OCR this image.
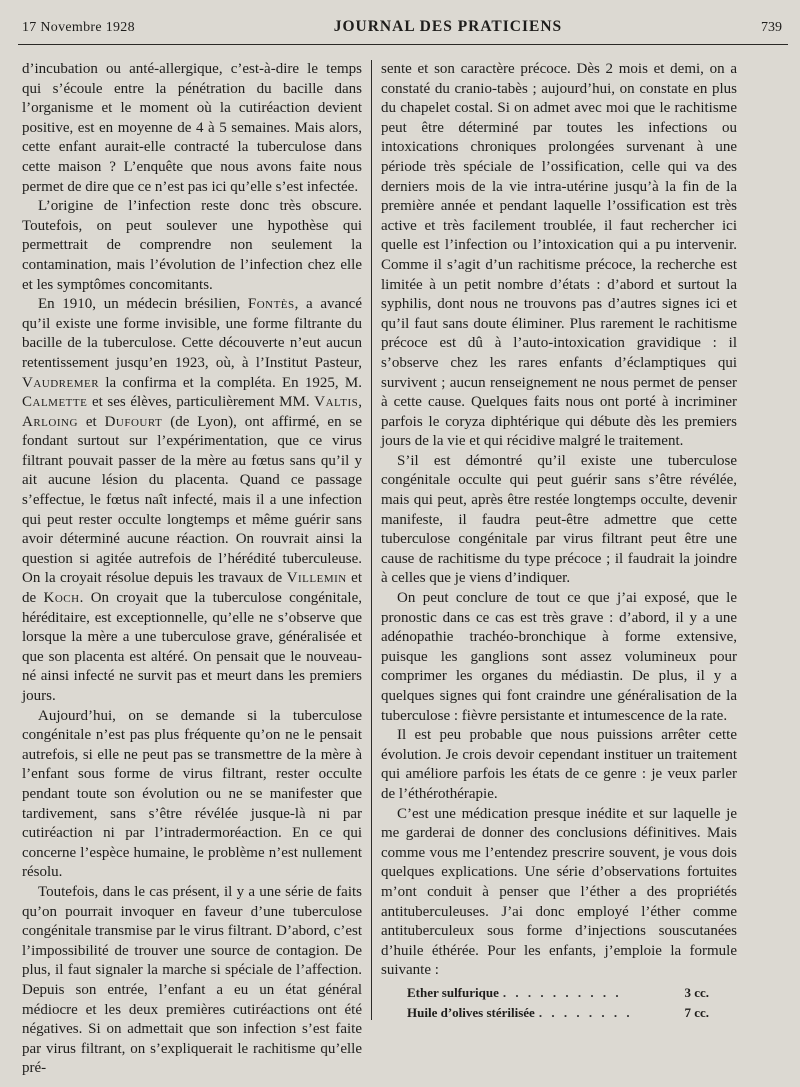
17 Novembre 1928	JOURNAL DES PRATICIENS	739

d’incubation ou anté-allergique, c’est-à-dire le temps qui s’écoule entre la pénétration du bacille dans l’organisme et le moment où la cutiréaction devient positive, est en moyenne de 4 à 5 semaines. Mais alors, cette enfant aurait-elle contracté la tuberculose dans cette maison ? L’enquête que nous avons faite nous permet de dire que ce n’est pas ici qu’elle s’est infectée.

L’origine de l’infection reste donc très obscure. Toutefois, on peut soulever une hypothèse qui permettrait de comprendre non seulement la contamination, mais l’évolution de l’infection chez elle et les symptômes concomitants.

En 1910, un médecin brésilien, Fontès, a avancé qu’il existe une forme invisible, une forme filtrante du bacille de la tuberculose. Cette découverte n’eut aucun retentissement jusqu’en 1923, où, à l’Institut Pasteur, Vaudremer la confirma et la compléta. En 1925, M. Calmette et ses élèves, particulièrement MM. Valtis, Arloing et Dufourt (de Lyon), ont affirmé, en se fondant surtout sur l’expérimentation, que ce virus filtrant pouvait passer de la mère au fœtus sans qu’il y ait aucune lésion du placenta. Quand ce passage s’effectue, le fœtus naît infecté, mais il a une infection qui peut rester occulte longtemps et même guérir sans avoir déterminé aucune réaction. On rouvrait ainsi la question si agitée autrefois de l’hérédité tuberculeuse. On la croyait résolue depuis les travaux de Villemin et de Koch. On croyait que la tuberculose congénitale, héréditaire, est exceptionnelle, qu’elle ne s’observe que lorsque la mère a une tuberculose grave, généralisée et que son placenta est altéré. On pensait que le nouveau-né ainsi infecté ne survit pas et meurt dans les premiers jours.

Aujourd’hui, on se demande si la tuberculose congénitale n’est pas plus fréquente qu’on ne le pensait autrefois, si elle ne peut pas se transmettre de la mère à l’enfant sous forme de virus filtrant, rester occulte pendant toute son évolution ou ne se manifester que tardivement, sans s’être révélée jusque-là ni par cutiréaction ni par l’intradermoréaction. En ce qui concerne l’espèce humaine, le problème n’est nullement résolu.

Toutefois, dans le cas présent, il y a une série de faits qu’on pourrait invoquer en faveur d’une tuberculose congénitale transmise par le virus filtrant. D’abord, c’est l’impossibilité de trouver une source de contagion. De plus, il faut signaler la marche si spéciale de l’affection. Depuis son entrée, l’enfant a eu un état général médiocre et les deux premières cutiréactions ont été négatives. Si on admettait que son infection s’est faite par virus filtrant, on s’expliquerait le rachitisme qu’elle pré-

sente et son caractère précoce. Dès 2 mois et demi, on a constaté du cranio-tabès ; aujourd’hui, on constate en plus du chapelet costal. Si on admet avec moi que le rachitisme peut être déterminé par toutes les infections ou intoxications chroniques prolongées survenant à une période très spéciale de l’ossification, celle qui va des derniers mois de la vie intra-utérine jusqu’à la fin de la première année et pendant laquelle l’ossification est très active et très facilement troublée, il faut rechercher ici quelle est l’infection ou l’intoxication qui a pu intervenir. Comme il s’agit d’un rachitisme précoce, la recherche est limitée à un petit nombre d’états : d’abord et surtout la syphilis, dont nous ne trouvons pas d’autres signes ici et qu’il faut sans doute éliminer. Plus rarement le rachitisme précoce est dû à l’auto-intoxication gravidique : il s’observe chez les rares enfants d’éclamptiques qui survivent ; aucun renseignement ne nous permet de penser à cette cause. Quelques faits nous ont porté à incriminer parfois le coryza diphtérique qui débute dès les premiers jours de la vie et qui récidive malgré le traitement.

S’il est démontré qu’il existe une tuberculose congénitale occulte qui peut guérir sans s’être révélée, mais qui peut, après être restée longtemps occulte, devenir manifeste, il faudra peut-être admettre que cette tuberculose congénitale par virus filtrant peut être une cause de rachitisme du type précoce ; il faudrait la joindre à celles que je viens d’indiquer.

On peut conclure de tout ce que j’ai exposé, que le pronostic dans ce cas est très grave : d’abord, il y a une adénopathie trachéo-bronchique à forme extensive, puisque les ganglions sont assez volumineux pour comprimer les organes du médiastin. De plus, il y a quelques signes qui font craindre une généralisation de la tuberculose : fièvre persistante et intumescence de la rate.

Il est peu probable que nous puissions arrêter cette évolution. Je crois devoir cependant instituer un traitement qui améliore parfois les états de ce genre : je veux parler de l’éthérothérapie.

C’est une médication presque inédite et sur laquelle je me garderai de donner des conclusions définitives. Mais comme vous me l’entendez prescrire souvent, je vous dois quelques explications. Une série d’observations fortuites m’ont conduit à penser que l’éther a des propriétés antituberculeuses. J’ai donc employé l’éther comme antituberculeux sous forme d’injections souscutanées d’huile éthérée. Pour les enfants, j’emploie la formule suivante :

Ether sulfurique . . . . . . . . . .	3 cc.
Huile d’olives stérilisée . . . . . . . .	7 cc.
